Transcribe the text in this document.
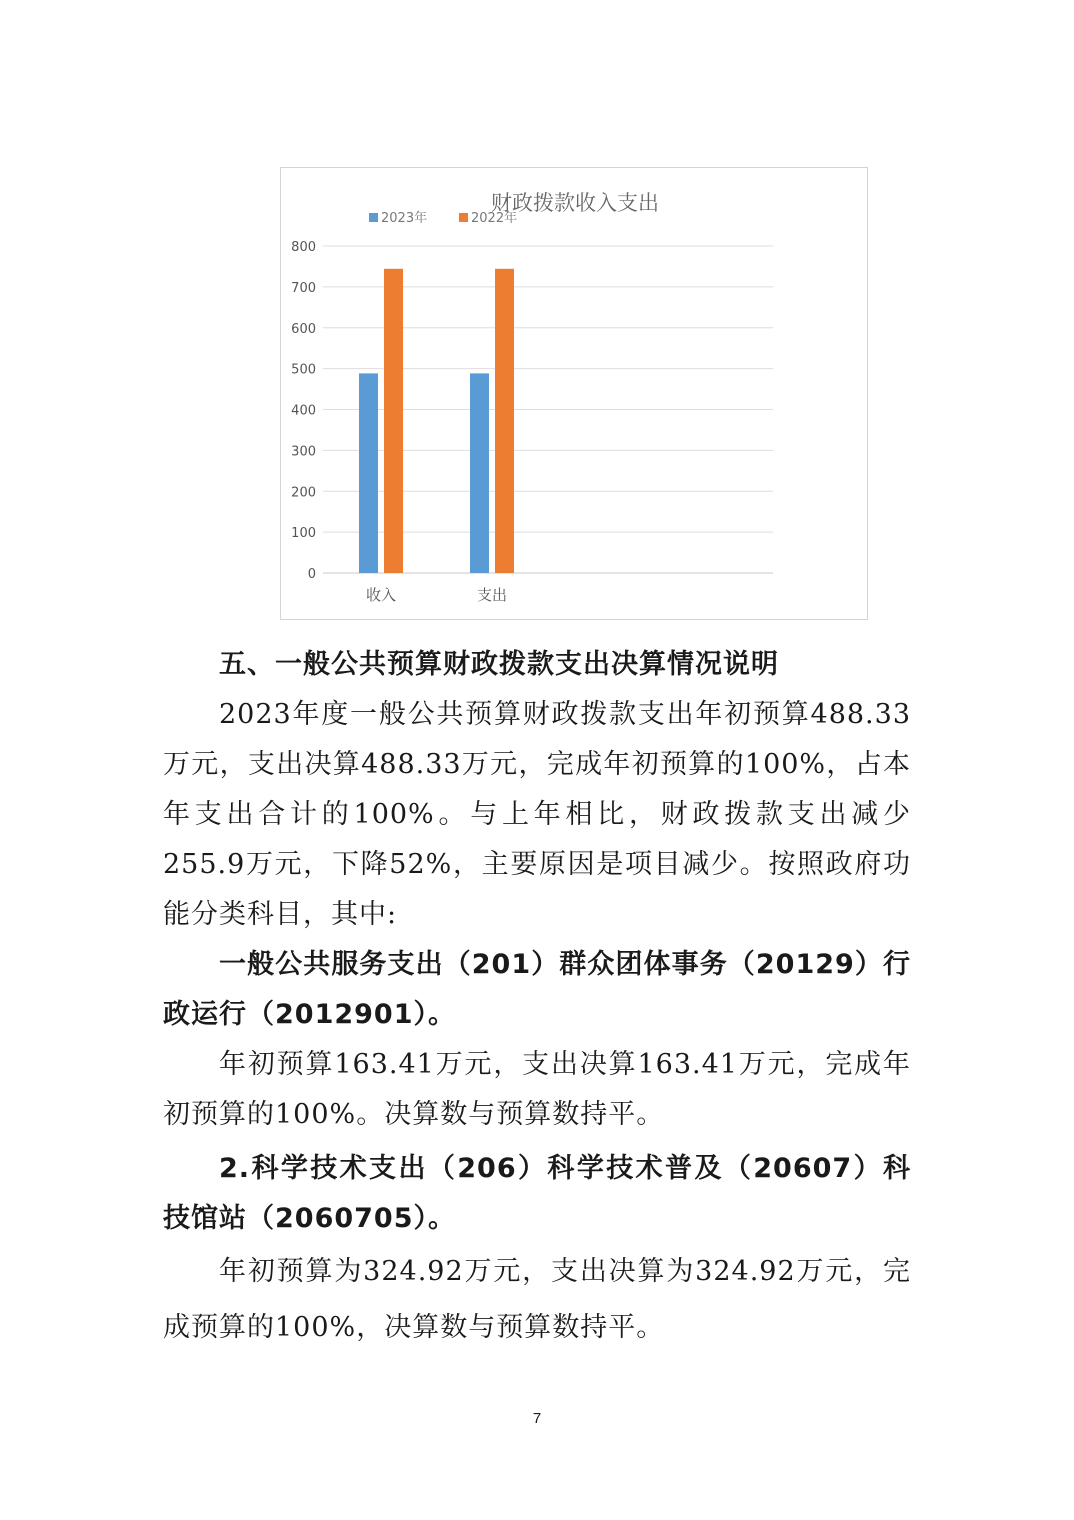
财政拨款收入支出
2023年	2022年
0
100
200
300
400
500
600
700
800
收入	支出

五、一般公共预算财政拨款支出决算情况说明

2023年度一般公共预算财政拨款支出年初预算488.33万元，支出决算488.33万元，完成年初预算的100%，占本年支出合计的100%。与上年相比，财政拨款支出减少255.9万元，下降52%，主要原因是项目减少。按照政府功能分类科目，其中:

一般公共服务支出（201）群众团体事务（20129）行政运行（2012901）。

年初预算163.41万元，支出决算163.41万元，完成年初预算的100%。决算数与预算数持平。

2.科学技术支出（206）科学技术普及（20607）科技馆站（2060705）。

年初预算为324.92万元，支出决算为324.92万元，完成预算的100%，决算数与预算数持平。

7
